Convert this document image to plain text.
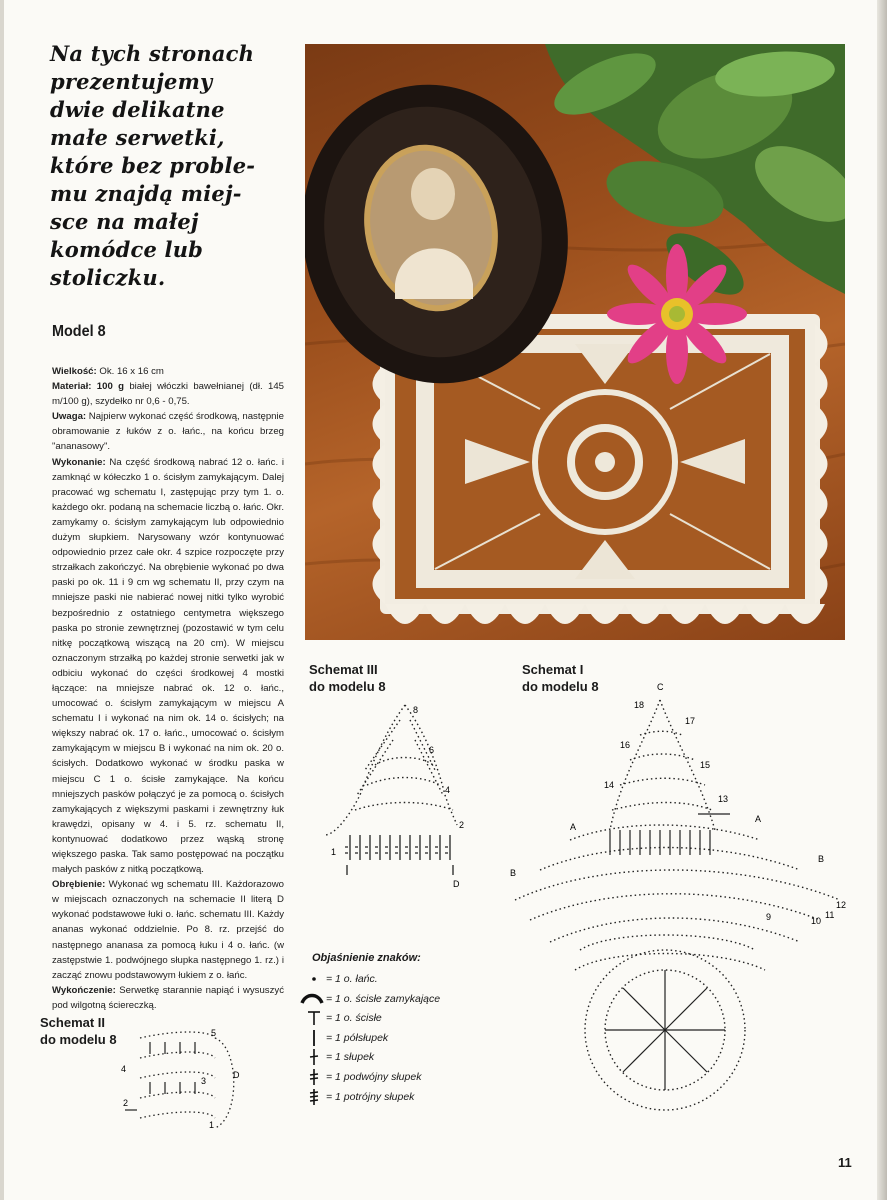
Na tych stronach
prezentujemy
dwie delikatne
małe serwetki,
które bez proble-
mu znajdą miej-
sce na małej
komódce lub
stoliczku.
Model 8

Wielkość: Ok. 16 x 16 cm

Materiał: 100 g białej włóczki bawełnianej (dł. 145 m/100 g), szydełko nr 0,6 - 0,75.

Uwaga: Najpierw wykonać część środkową, następnie obramowanie z łuków z o. łańc., na końcu brzeg "ananasowy".

Wykonanie: Na część środkową nabrać 12 o. łańc. i zamknąć w kółeczko 1 o. ścisłym zamykającym. Dalej pracować wg schematu I, zastępując przy tym 1. o. każdego okr. podaną na schemacie liczbą o. łańc. Okr. zamykamy o. ścisłym zamykającym lub odpowiednio dużym słupkiem. Narysowany wzór kontynuować odpowiednio przez całe okr. 4 szpice rozpoczęte przy strzałkach zakończyć. Na obrębienie wykonać po dwa paski po ok. 11 i 9 cm wg schematu II, przy czym na mniejsze paski nie nabierać nowej nitki tylko wyrobić bezpośrednio z ostatniego centymetra większego paska po stronie zewnętrznej (pozostawić w tym celu nitkę początkową wiszącą na 20 cm). W miejscu oznaczonym strzałką po każdej stronie serwetki jak w odbiciu wykonać do części środkowej 4 mostki łączące: na mniejsze nabrać ok. 12 o. łańc., umocować o. ścisłym zamykającym w miejscu A schematu I i wykonać na nim ok. 14 o. ścisłych; na większy nabrać ok. 17 o. łańc., umocować o. ścisłym zamykającym w miejscu B i wykonać na nim ok. 20 o. ścisłych. Dodatkowo wykonać w środku paska w miejscu C 1 o. ścisłe zamykające. Na końcu mniejszych pasków połączyć je za pomocą o. ścisłych zamykających z większymi paskami i zewnętrzny łuk krawędzi, opisany w 4. i 5. rz. schematu II, kontynuować dodatkowo przez wąską stronę większego paska. Tak samo postępować na początku małych pasków z nitką początkową.

Obrębienie: Wykonać wg schematu III. Każdorazowo w miejscach oznaczonych na schemacie II literą D wykonać podstawowe łuki o. łańc. schematu III. Każdy ananas wykonać oddzielnie. Po 8. rz. przejść do następnego ananasa za pomocą łuku i 4 o. łańc. (w zastępstwie 1. podwójnego słupka następnego 1. rz.) i zacząć znowu podstawowym łukiem z o. łańc.

Wykończenie: Serwetkę starannie napiąć i wysuszyć pod wilgotną ściereczką.

Schemat III
do modelu 8
Schemat I
do modelu 8
Schemat II
do modelu 8
8
6
4
2
1
D
C
18
17
16
15
14
13
A
A
B
B
12
11
10
9
5
4
3
2
1
D
Objaśnienie znaków:
= 1 o. łańc.
= 1 o. ścisłe zamykające
= 1 o. ścisłe
= 1 półsłupek
= 1 słupek
= 1 podwójny słupek
= 1 potrójny słupek
11
